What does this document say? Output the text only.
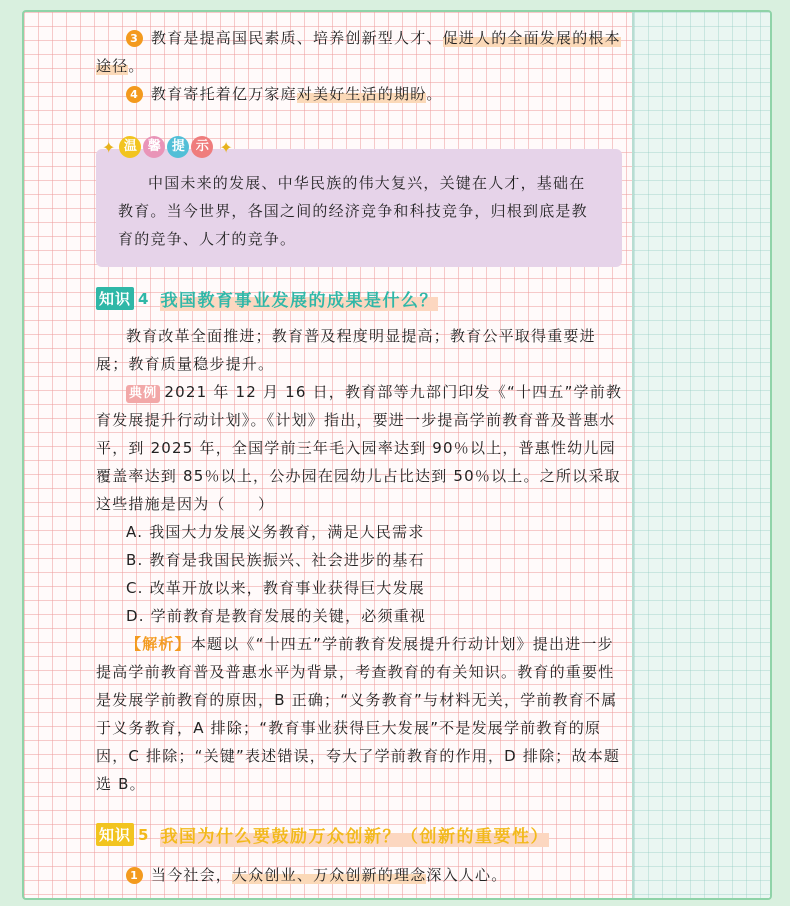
3 教育是提高国民素质、培养创新型人才、促进人的全面发展的根本途径。

4 教育寄托着亿万家庭对美好生活的期盼。

中国未来的发展、中华民族的伟大复兴，关键在人才，基础在教育。当今世界，各国之间的经济竞争和科技竞争，归根到底是教育的竞争、人才的竞争。

✦ 温 馨 提 示 ✦
知识 4 我国教育事业发展的成果是什么？

教育改革全面推进；教育普及程度明显提高；教育公平取得重要进展；教育质量稳步提升。

典例 2021 年 12 月 16 日，教育部等九部门印发《“十四五”学前教育发展提升行动计划》。《计划》指出，要进一步提高学前教育普及普惠水平，到 2025 年，全国学前三年毛入园率达到 90％以上，普惠性幼儿园覆盖率达到 85％以上，公办园在园幼儿占比达到 50％以上。之所以采取这些措施是因为（　　）

A. 我国大力发展义务教育，满足人民需求

B. 教育是我国民族振兴、社会进步的基石

C. 改革开放以来，教育事业获得巨大发展

D. 学前教育是教育发展的关键，必须重视

【解析】本题以《“十四五”学前教育发展提升行动计划》提出进一步提高学前教育普及普惠水平为背景，考查教育的有关知识。教育的重要性是发展学前教育的原因，B 正确；“义务教育”与材料无关，学前教育不属于义务教育，A 排除；“教育事业获得巨大发展”不是发展学前教育的原因，C 排除；“关键”表述错误，夸大了学前教育的作用，D 排除；故本题选 B。

知识 5 我国为什么要鼓励万众创新？（创新的重要性）

1 当今社会，大众创业、万众创新的理念深入人心。
